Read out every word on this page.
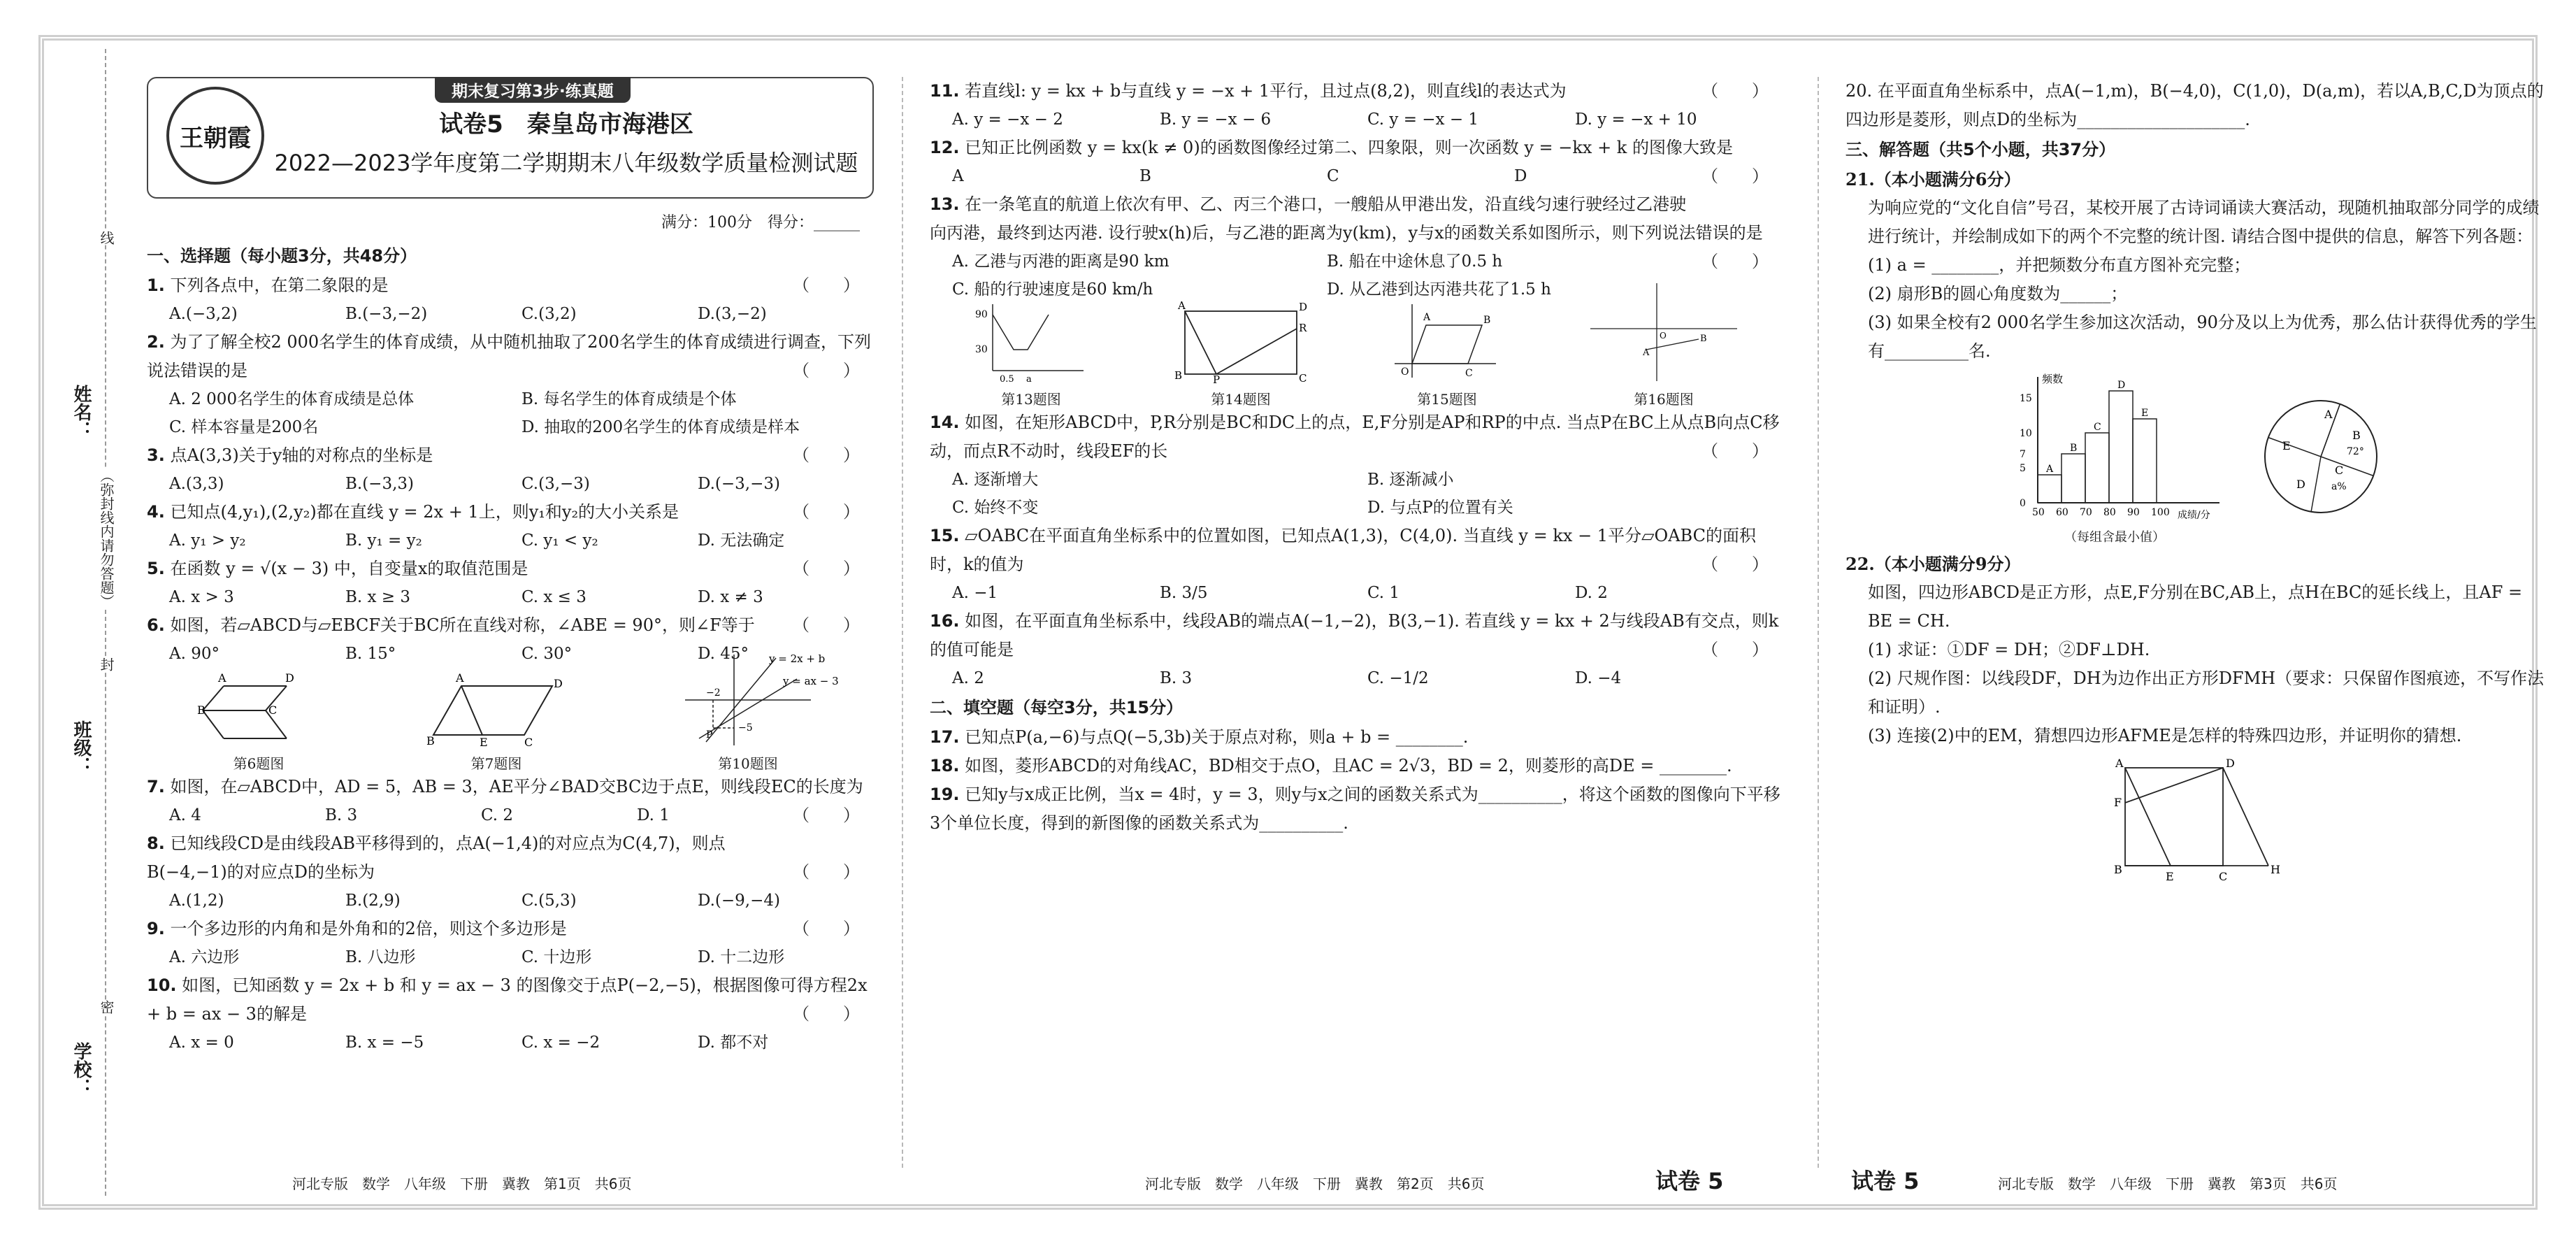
姓名：
班级：
学校：
（弥封线内请勿答题）
线
封
密
王朝霞
期末复习第3步·练真题
试卷5　秦皇岛市海港区
2022—2023学年度第二学期期末八年级数学质量检测试题
满分：100分　得分：______
一、选择题（每小题3分，共48分）
1. 下列各点中，在第二象限的是	（　　）
A.(−3,2)	B.(−3,−2)	C.(3,2)	D.(3,−2)
2. 为了了解全校2 000名学生的体育成绩，从中随机抽取了200名学生的体育成绩进行调查，下列说法错误的是	（　　）
A. 2 000名学生的体育成绩是总体	B. 每名学生的体育成绩是个体
C. 样本容量是200名	D. 抽取的200名学生的体育成绩是样本
3. 点A(3,3)关于y轴的对称点的坐标是	（　　）
A.(3,3)	B.(−3,3)	C.(3,−3)	D.(−3,−3)
4. 已知点(4,y₁),(2,y₂)都在直线 y = 2x + 1上，则y₁和y₂的大小关系是	（　　）
A. y₁ > y₂	B. y₁ = y₂	C. y₁ < y₂	D. 无法确定
5. 在函数 y = √(x − 3) 中，自变量x的取值范围是	（　　）
A. x > 3	B. x ≥ 3	C. x ≤ 3	D. x ≠ 3
6. 如图，若▱ABCD与▱EBCF关于BC所在直线对称，∠ABE = 90°，则∠F等于 （　　）
A. 90°	B. 15°	C. 30°	D. 45°
A	D
B	C
第6题图
A	D
B	E	C
第7题图
y = 2x + b
y = ax − 3
−2
−5
P
第10题图
7. 如图，在▱ABCD中，AD = 5，AB = 3，AE平分∠BAD交BC边于点E，则线段EC的长度为
（　　）
A. 4	B. 3	C. 2	D. 1
8. 已知线段CD是由线段AB平移得到的，点A(−1,4)的对应点为C(4,7)，则点B(−4,−1)的对应点D的坐标为	（　　）
A.(1,2)	B.(2,9)	C.(5,3)	D.(−9,−4)
9. 一个多边形的内角和是外角和的2倍，则这个多边形是	（　　）
A. 六边形	B. 八边形	C. 十边形	D. 十二边形
10. 如图，已知函数 y = 2x + b 和 y = ax − 3 的图像交于点P(−2,−5)，根据图像可得方程2x + b = ax − 3的解是	（　　）
A. x = 0	B. x = −5	C. x = −2	D. 都不对
11. 若直线l: y = kx + b与直线 y = −x + 1平行，且过点(8,2)，则直线l的表达式为	（　　）
A. y = −x − 2	B. y = −x − 6	C. y = −x − 1	D. y = −x + 10
12. 已知正比例函数 y = kx(k ≠ 0)的函数图像经过第二、四象限，则一次函数 y = −kx + k 的图像大致是
（　　）
A	B	C	D
13. 在一条笔直的航道上依次有甲、乙、丙三个港口，一艘船从甲港出发，沿直线匀速行驶经过乙港驶向丙港，最终到达丙港. 设行驶x(h)后，与乙港的距离为y(km)，y与x的函数关系如图所示，则下列说法错误的是
（　　）
A. 乙港与丙港的距离是90 km	B. 船在中途休息了0.5 h
C. 船的行驶速度是60 km/h	D. 从乙港到达丙港共花了1.5 h
90
30
0.5 a
第13题图
A	D
B	C
P
R
第14题图
A	B
C
O
第15题图
A
B
O
第16题图
14. 如图，在矩形ABCD中，P,R分别是BC和DC上的点，E,F分别是AP和RP的中点. 当点P在BC上从点B向点C移动，而点R不动时，线段EF的长	（　　）
A. 逐渐增大	B. 逐渐减小
C. 始终不变	D. 与点P的位置有关
15. ▱OABC在平面直角坐标系中的位置如图，已知点A(1,3)，C(4,0). 当直线 y = kx − 1平分▱OABC的面积时，k的值为	（　　）
A. −1	B. 3/5	C. 1	D. 2
16. 如图，在平面直角坐标系中，线段AB的端点A(−1,−2)，B(3,−1). 若直线 y = kx + 2与线段AB有交点，则k的值可能是	（　　）
A. 2	B. 3	C. −1/2	D. −4
二、填空题（每空3分，共15分）
17. 已知点P(a,−6)与点Q(−5,3b)关于原点对称，则a + b = ________.
18. 如图，菱形ABCD的对角线AC，BD相交于点O，且AC = 2√3，BD = 2，则菱形的高DE = ________.
19. 已知y与x成正比例，当x = 4时，y = 3，则y与x之间的函数关系式为__________，将这个函数的图像向下平移3个单位长度，得到的新图像的函数关系式为__________.
20. 在平面直角坐标系中，点A(−1,m)，B(−4,0)，C(1,0)，D(a,m)，若以A,B,C,D为顶点的四边形是菱形，则点D的坐标为____________________.
三、解答题（共5个小题，共37分）
21.（本小题满分6分）
为响应党的“文化自信”号召，某校开展了古诗词诵读大赛活动，现随机抽取部分同学的成绩进行统计，并绘制成如下的两个不完整的统计图. 请结合图中提供的信息，解答下列各题：
(1) a = ________，并把频数分布直方图补充完整；
(2) 扇形B的圆心角度数为______；
(3) 如果全校有2 000名学生参加这次活动，90分及以上为优秀，那么估计获得优秀的学生有__________名.
频数
成绩/分
0
5
7
10
15
50 60 70 80 90 100
A
B
C
D
E
（每组含最小值）
A
B
C
D
E	72°
a%
22.（本小题满分9分）
如图，四边形ABCD是正方形，点E,F分别在BC,AB上，点H在BC的延长线上，且AF = BE = CH.
(1) 求证：①DF = DH；②DF⊥DH.
(2) 尺规作图：以线段DF，DH为边作出正方形DFMH（要求：只保留作图痕迹，不写作法和证明）.
(3) 连接(2)中的EM，猜想四边形AFME是怎样的特殊四边形，并证明你的猜想.
A	D
B
E	C
H
F
河北专版　数学　八年级　下册　冀教　第1页　共6页	河北专版　数学　八年级　下册　冀教　第2页　共6页	试卷 5	试卷 5	河北专版　数学　八年级　下册　冀教　第3页　共6页
